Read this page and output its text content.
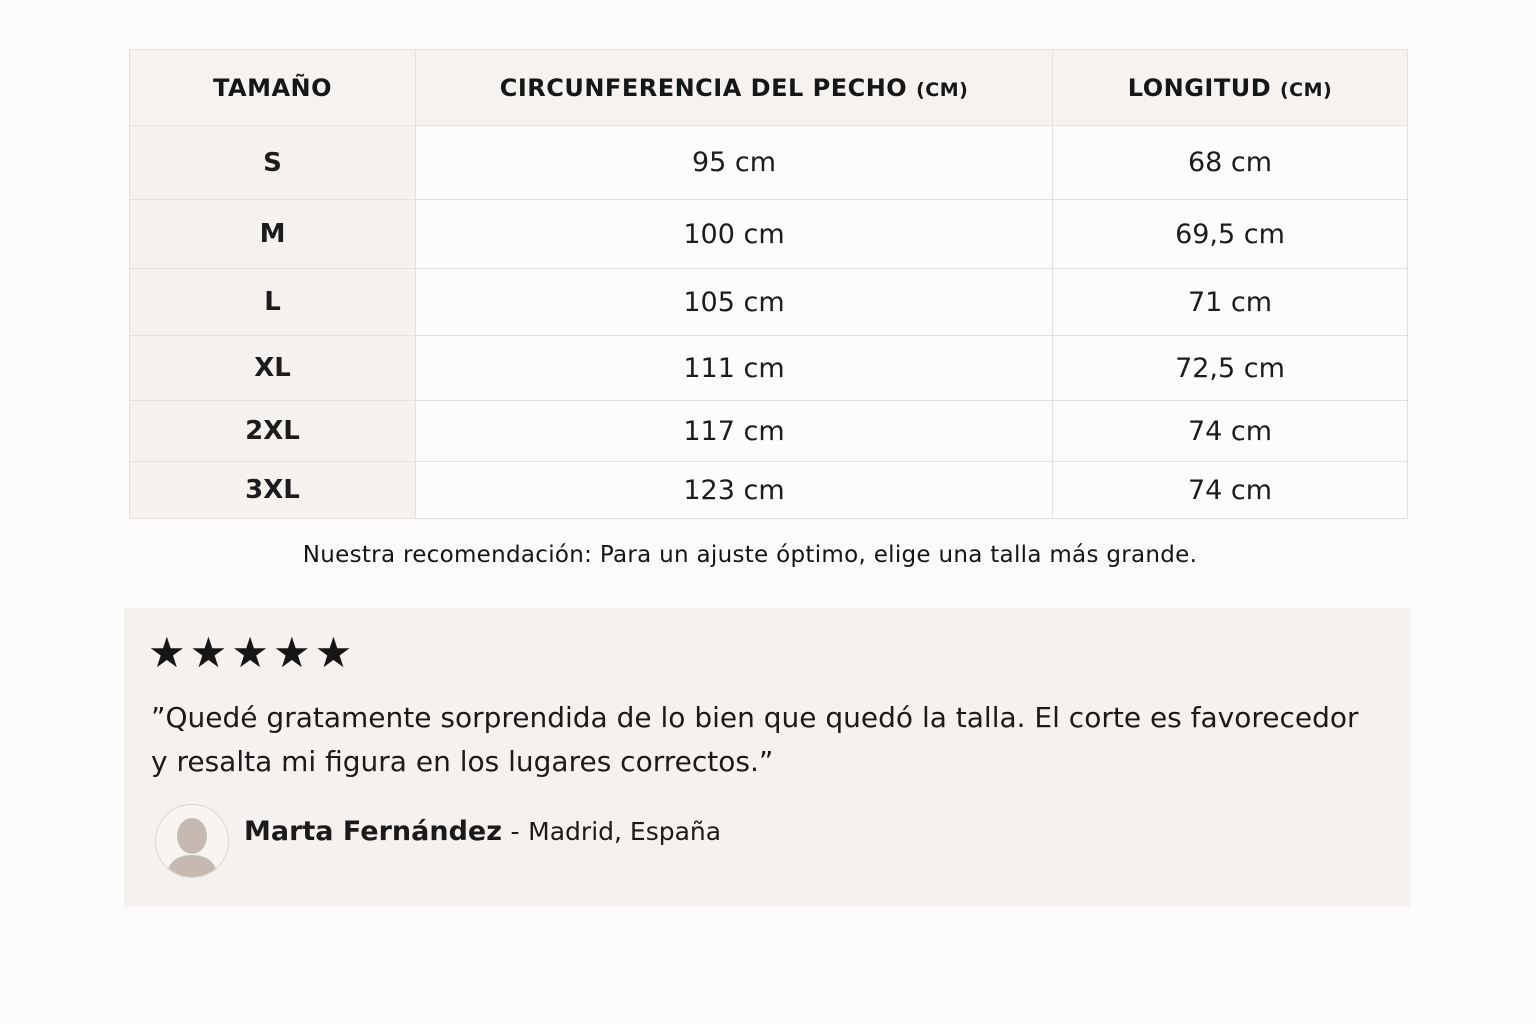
TAMAÑO	CIRCUNFERENCIA DEL PECHO (CM)	LONGITUD (CM)
S	95 cm	68 cm
M	100 cm	69,5 cm
L	105 cm	71 cm
XL	111 cm	72,5 cm
2XL	117 cm	74 cm
3XL	123 cm	74 cm
Nuestra recomendación: Para un ajuste óptimo, elige una talla más grande.
★★★★★
”Quedé gratamente sorprendida de lo bien que quedó la talla. El corte es favorecedor
y resalta mi figura en los lugares correctos.”
Marta Fernández - Madrid, España
